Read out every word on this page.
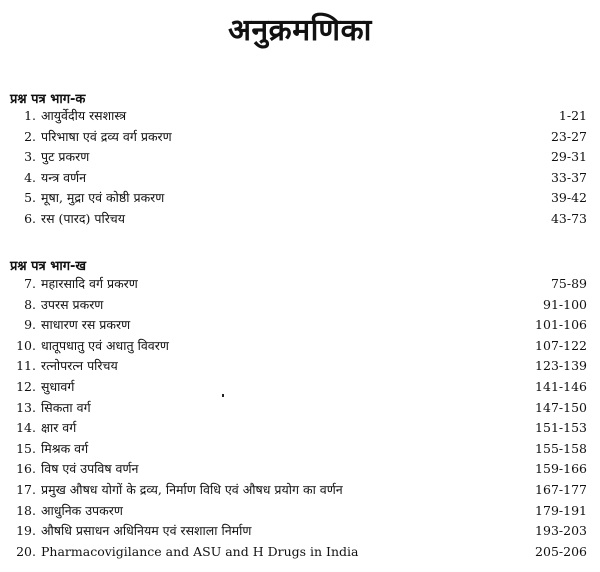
अनुक्रमणिका
प्रश्न पत्र भाग-क
1. आयुर्वेदीय रसशास्त्र	1-21
2. परिभाषा एवं द्रव्य वर्ग प्रकरण	23-27
3. पुट प्रकरण	29-31
4. यन्त्र वर्णन	33-37
5. मूषा, मुद्रा एवं कोष्ठी प्रकरण	39-42
6. रस (पारद) परिचय	43-73
प्रश्न पत्र भाग-ख
7. महारसादि वर्ग प्रकरण	75-89
8. उपरस प्रकरण	91-100
9. साधारण रस प्रकरण	101-106
10. धातूपधातु एवं अधातु विवरण	107-122
11. रत्नोपरत्न परिचय	123-139
12. सुधावर्ग	141-146
13. सिकता वर्ग	147-150
14. क्षार वर्ग	151-153
15. मिश्रक वर्ग	155-158
16. विष एवं उपविष वर्णन	159-166
17. प्रमुख औषध योगों के द्रव्य, निर्माण विधि एवं औषध प्रयोग का वर्णन	167-177
18. आधुनिक उपकरण	179-191
19. औषधि प्रसाधन अधिनियम एवं रसशाला निर्माण	193-203
20. Pharmacovigilance and ASU and H Drugs in India	205-206
